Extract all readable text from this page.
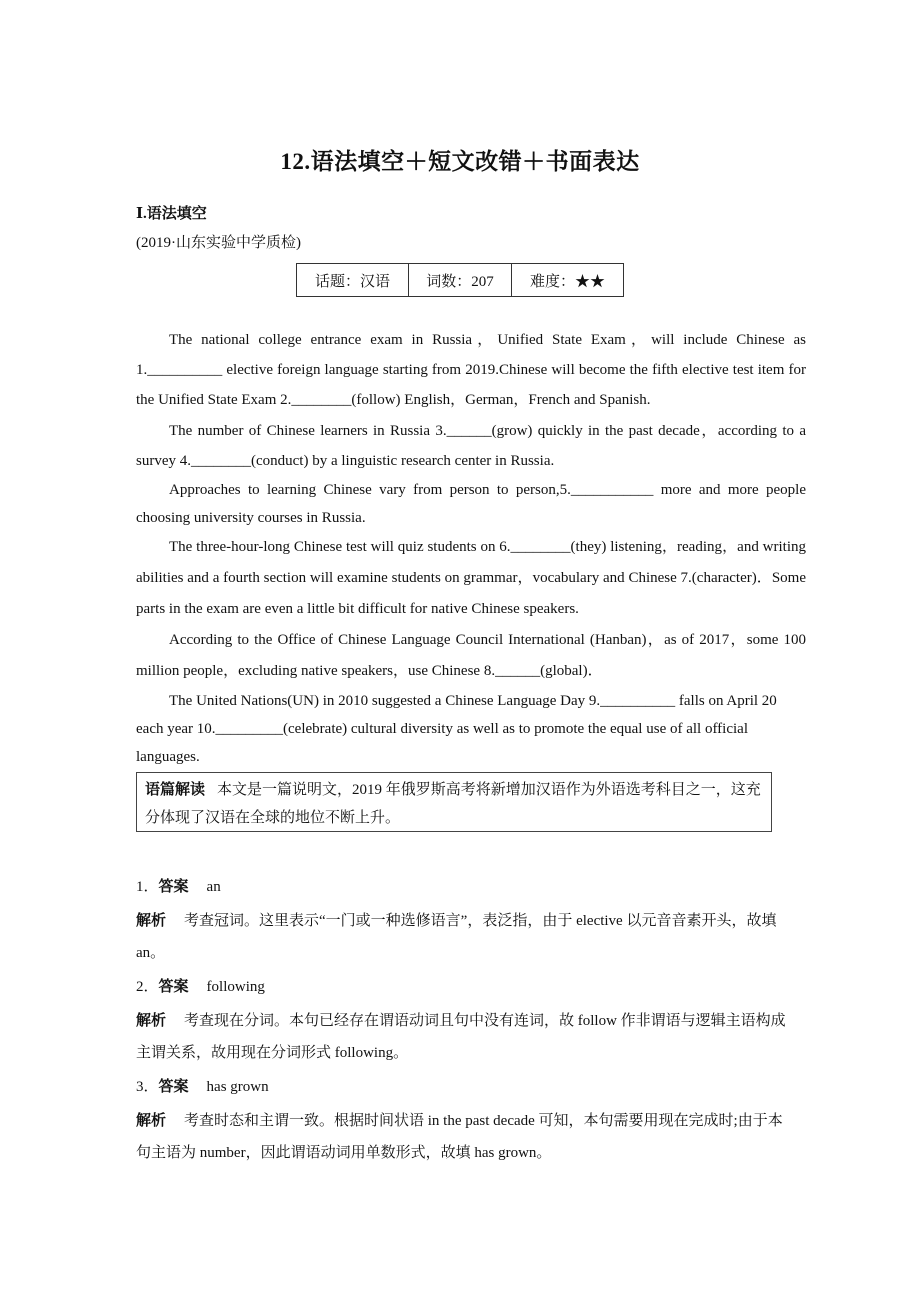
12.语法填空＋短文改错＋书面表达
Ⅰ.语法填空
(2019·山东实验中学质检)
话题：汉语	词数：207	难度：★★

The national college entrance exam in Russia，Unified State Exam，will include Chinese as 1.__________ elective foreign language starting from 2019.Chinese will become the fifth elective test item for the Unified State Exam 2.________(follow) English，German，French and Spanish.

The number of Chinese learners in Russia 3.______(grow) quickly in the past decade，according to a survey 4.________(conduct) by a linguistic research center in Russia.

Approaches to learning Chinese vary from person to person,5.___________ more and more people choosing university courses in Russia.

The three-hour-long Chinese test will quiz students on 6.________(they) listening，reading，and writing abilities and a fourth section will examine students on grammar，vocabulary and Chinese 7.(character)．Some parts in the exam are even a little bit difficult for native Chinese speakers.

According to the Office of Chinese Language Council International (Hanban)，as of 2017，some 100 million people，excluding native speakers，use Chinese 8.______(global)．

The United Nations(UN) in 2010 suggested a Chinese Language Day 9.__________ falls on April 20 each year 10._________(celebrate) cultural diversity as well as to promote the equal use of all official languages.

语篇解读 本文是一篇说明文，2019 年俄罗斯高考将新增加汉语作为外语选考科目之一，这充分体现了汉语在全球的地位不断上升。
1．答案 an
解析 考查冠词。这里表示“一门或一种选修语言”，表泛指，由于 elective 以元音音素开头，故填 an。
2．答案 following
解析 考查现在分词。本句已经存在谓语动词且句中没有连词，故 follow 作非谓语与逻辑主语构成主谓关系，故用现在分词形式 following。
3．答案 has grown
解析 考查时态和主谓一致。根据时间状语 in the past decade 可知，本句需要用现在完成时;由于本句主语为 number，因此谓语动词用单数形式，故填 has grown。
